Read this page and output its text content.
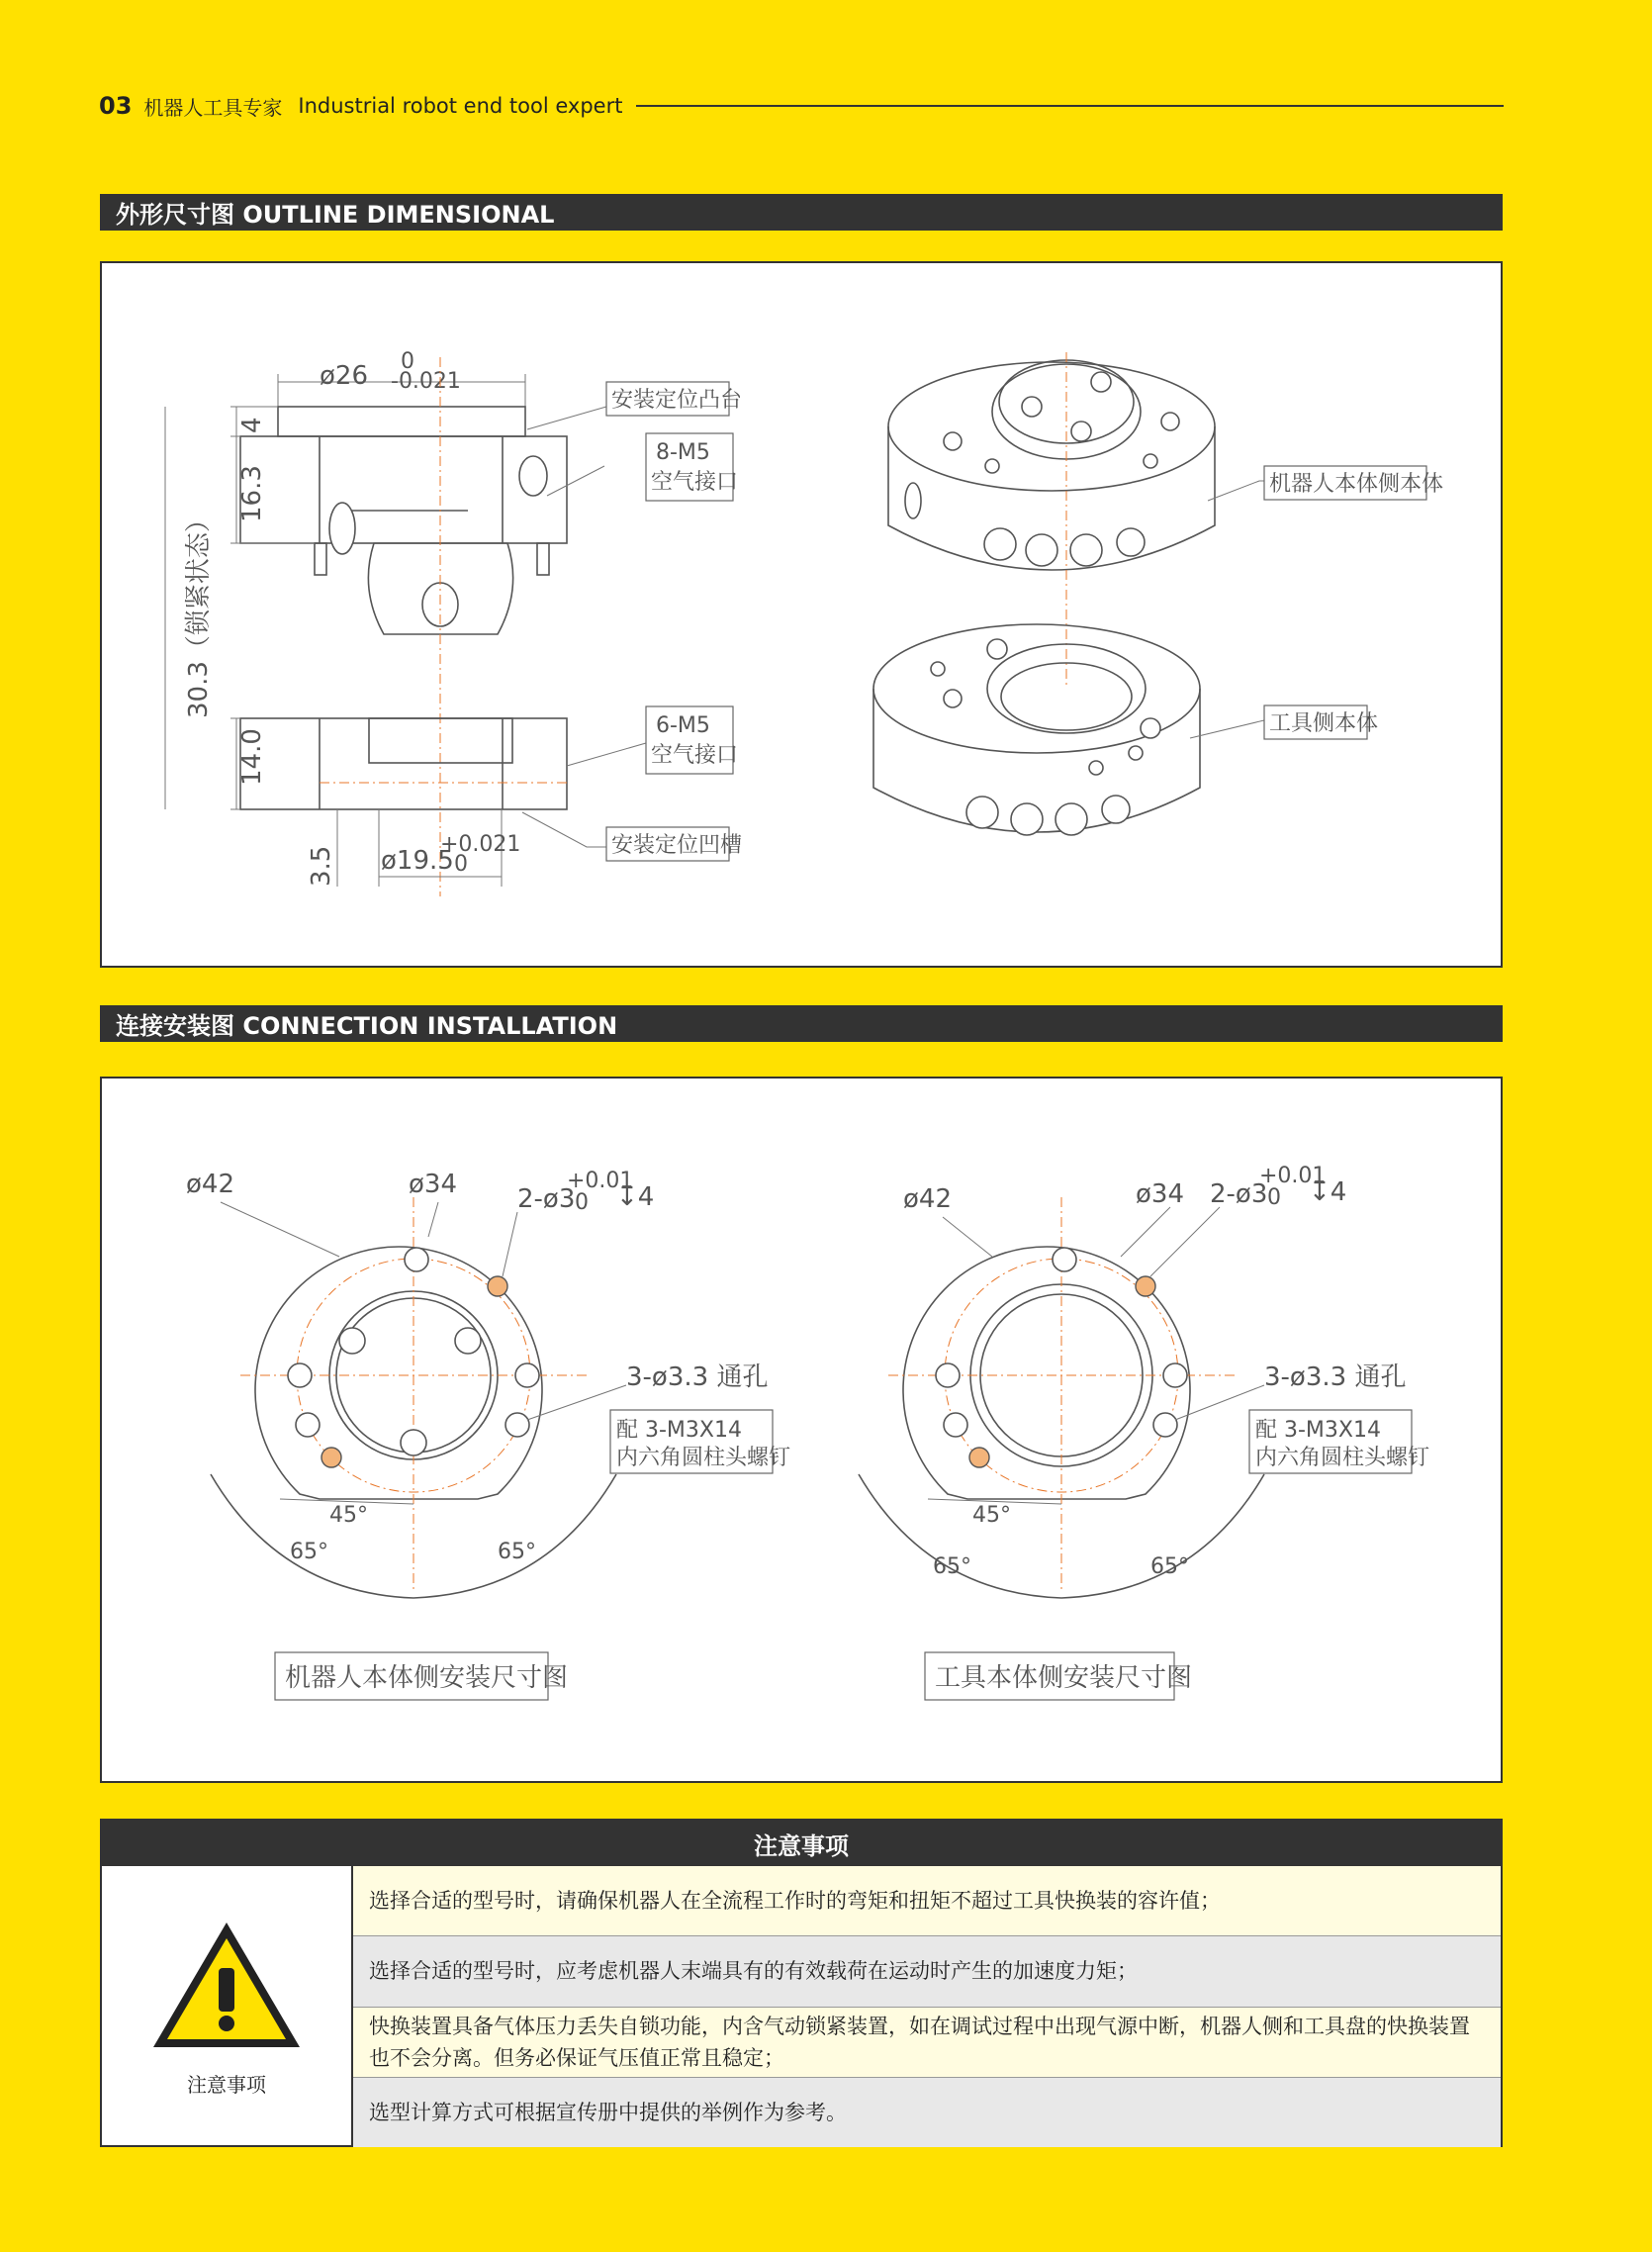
03 机器人工具专家 Industrial robot end tool expert
外形尺寸图 OUTLINE DIMENSIONAL
ø26 0
-0.021
4
16.3
30.3（锁紧状态）
14.0
3.5 ø19.5
+0.021
0
安装定位凸台
8-M5
空气接口
6-M5
空气接口
安装定位凹槽
机器人本体侧本体
工具侧本体
连接安装图 CONNECTION INSTALLATION
ø42	ø34 2-ø3
+0.01
0 ↧4
3-ø3.3 通孔
配 3-M3X14
内六角圆柱头螺钉
45°
65°	65°
机器人本体侧安装尺寸图
ø42	ø34 2-ø3
+0.01
0 ↧4
3-ø3.3 通孔
配 3-M3X14
内六角圆柱头螺钉
45°
65°	65°
工具本体侧安装尺寸图
注意事项
注意事项
选择合适的型号时，请确保机器人在全流程工作时的弯矩和扭矩不超过工具快换装的容许值；
选择合适的型号时，应考虑机器人末端具有的有效载荷在运动时产生的加速度力矩；
快换装置具备气体压力丢失自锁功能，内含气动锁紧装置，如在调试过程中出现气源中断，机器人侧和工具盘的快换装置也不会分离。但务必保证气压值正常且稳定；
选型计算方式可根据宣传册中提供的举例作为参考。
